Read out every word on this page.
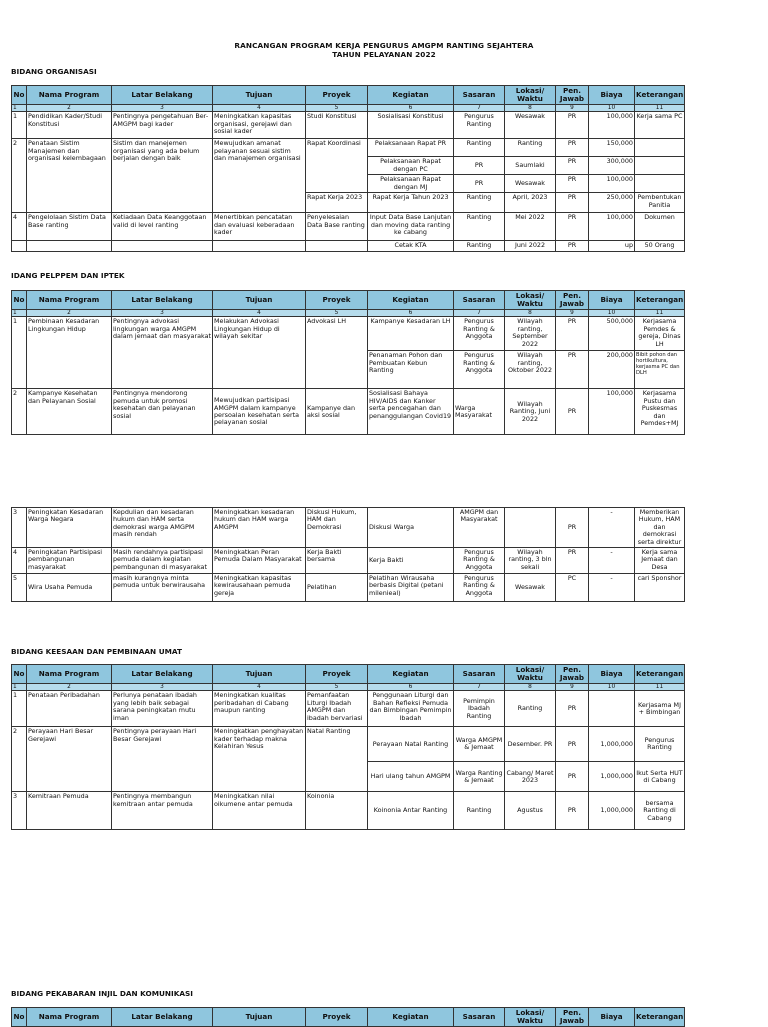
RANCANGAN PROGRAM KERJA PENGURUS AMGPM RANTING SEJAHTERA
TAHUN PELAYANAN 2022
BIDANG ORGANISASI
No	Nama Program	Latar Belakang	Tujuan	Proyek	Kegiatan	Sasaran	Lokasi/ Waktu	Pen. Jawab	Biaya	Keterangan
1	2	3	4	5	6	7	8	9	10	11
1	Pendidikan Kader/Studi Konstitusi	Pentingnya pengetahuan Ber-AMGPM bagi kader	Meningkatkan kapasitas organisasi, gerejawi dan sosial kader	Studi Konstitusi	Sosialisasi Konstitusi	Pengurus Ranting	Wesawak	PR	100,000	Kerja sama PC
2	Penataan Sistim Manajemen dan organisasi kelembagaan	Sistim dan manejemen organisasi yang ada belum berjalan dengan baik	Mewujudkan amanat pelayanan sesuai sistim dan manajemen organisasi	Rapat Koordinasi	Pelaksanaan Rapat PR	Ranting	Ranting	PR	150,000	
					Pelaksanaan Rapat dengan PC	PR	Saumlaki	PR	300,000	
					Pelaksanaan Rapat dengan MJ	PR	Wesawak	PR	100,000	
				Rapat Kerja 2023	Rapat Kerja Tahun 2023	Ranting	April, 2023	PR	250,000	Pembentukan Panitia
4	Pengelolaan Sistim Data Base ranting	Ketiadaan Data Keanggotaan valid di level ranting	Menertibkan pencatatan dan evaluasi keberadaan kader	Penyelesaian Data Base ranting	Input Data Base Lanjutan dan moving data ranting ke cabang	Ranting	Mei 2022	PR	100,000	Dokumen
					Cetak KTA	Ranting	Juni 2022	PR	up	50 Orang
IDANG PELPPEM DAN IPTEK
No	Nama Program	Latar Belakang	Tujuan	Proyek	Kegiatan	Sasaran	Lokasi/ Waktu	Pen. Jawab	Biaya	Keterangan
1	2	3	4	5	6	7	8	9	10	11
1	Pembinaan Kesadaran Lingkungan Hidup	Pentingnya advokasi lingkungan warga AMGPM dalam jemaat dan masyarakat	Melakukan Advokasi Lingkungan Hidup di wilayah sekitar	Advokasi LH	Kampanye Kesadaran LH	Pengurus Ranting & Anggota	Wilayah ranting, September 2022	PR	500,000	Kerjasama Pemdes & gereja, Dinas LH
					Penanaman Pohon dan Pembuatan Kebun Ranting	Pengurus Ranting & Anggota	Wilayah ranting, Oktober 2022	PR	200,000	Bibit pohon dan hortikultura, kerjasma PC dan DLH
2	Kampanye Kesehatan dan Pelayanan Sosial	Pentingnya mendorong pemuda untuk promosi kesehatan dan pelayanan sosial	Mewujudkan partisipasi AMGPM dalam kampanye persoalan kesehatan serta pelayanan sosial	Kampanye dan aksi sosial	Sosialisasi Bahaya HIV/AIDS dan Kanker serta pencegahan dan penanggulangan Covid19	Warga Masyarakat	Wilayah Ranting, Juni 2022	PR	100,000	Kerjasama Pustu dan Puskesmas dan Pemdes+MJ
3	Peningkatan Kesadaran Warga Negara	Kepdulian dan kesadaran hukum dan HAM serta demokrasi warga AMGPM masih rendah	Meningkatkan kesadaran hukum dan HAM warga AMGPM	Diskusi Hukum, HAM dan Demokrasi	Diskusi Warga	AMGPM dan Masyarakat		PR	-	Memberikan Hukum, HAM dan demokrasi serta direktur
4	Peningkatan Partisipasi pembangunan masyarakat	Masih rendahnya partisipasi pemuda dalam kegiatan pembangunan di masyarakat	Meningkatkan Peran Pemuda Dalam Masyarakat	Kerja Bakti bersama	Kerja Bakti	Pengurus Ranting & Anggota	Wilayah ranting, 3 bln sekali	PR	-	Kerja sama Jemaat dan Desa
5	Wira Usaha Pemuda	masih kurangnya minta pemuda untuk berwirausaha	Meningkatkan kapasitas kewirausahaan pemuda gereja	Pelatihan	Pelatihan Wirausaha berbasis Digital (petani milenieal)	Pengurus Ranting & Anggota	Wesawak	PC	-	cari Sponshor
BIDANG KEESAAN DAN PEMBINAAN UMAT
No	Nama Program	Latar Belakang	Tujuan	Proyek	Kegiatan	Sasaran	Lokasi/ Waktu	Pen. Jawab	Biaya	Keterangan
1	2	3	4	5	6	7	8	9	10	11
1	Penataan Peribadahan	Perlunya penataan ibadah yang lebih baik sebagai sarana peningkatan mutu iman	Meningkatkan kualitas peribadahan di Cabang maupun ranting	Pemanfaatan Liturgi Ibadah AMGPM dan ibadah bervariasi	Penggunaan Liturgi dan Bahan Refleksi Pemuda dan Bimbingan Pemimpin Ibadah	Pemimpin Ibadah Ranting	Ranting	PR		Kerjasama MJ + Bimbingan
2	Perayaan Hari Besar Gerejawi	Pentingnya perayaan Hari Besar Gerejawi	Meningkatkan penghayatan kader terhadap makna Kelahiran Yesus	Natal Ranting	Perayaan Natal Ranting	Warga AMGPM & Jemaat	Desember. PR	PR	1,000,000	Pengurus Ranting
					Hari ulang tahun AMGPM	Warga Ranting & Jemaat	Cabang/ Maret 2023	PR	1,000,000	Ikut Serta HUT di Cabang
3	Kemitraan Pemuda	Pentingnya membangun kemitraan antar pemuda	Meningkatkan nilai oikumene antar pemuda	Koinonia	Koinonia Antar Ranting	Ranting	Agustus	PR	1,000,000	bersama Ranting di Cabang
BIDANG PEKABARAN INJIL DAN KOMUNIKASI
No	Nama Program	Latar Belakang	Tujuan	Proyek	Kegiatan	Sasaran	Lokasi/ Waktu	Pen. Jawab	Biaya	Keterangan
